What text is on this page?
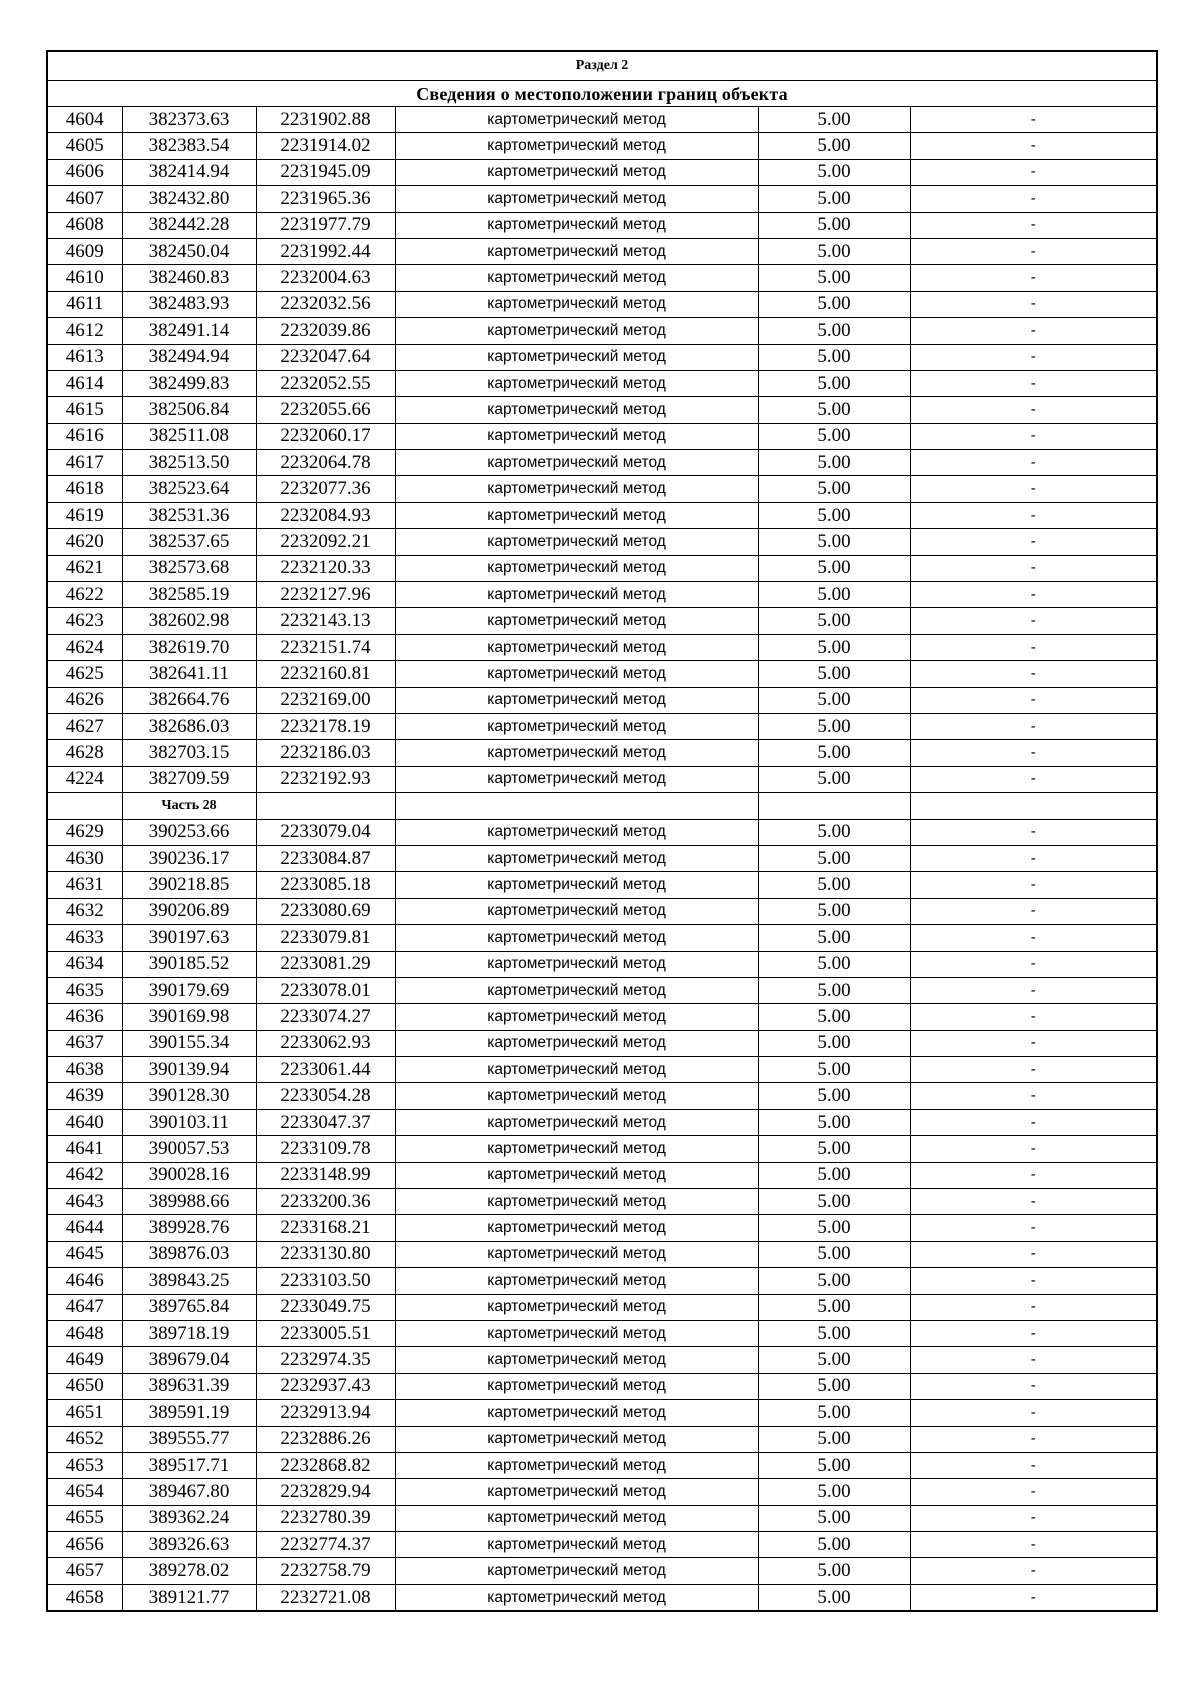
Раздел 2					
Сведения о местоположении границ объекта					
4604	382373.63	2231902.88	картометрический метод	5.00	-
4605	382383.54	2231914.02	картометрический метод	5.00	-
4606	382414.94	2231945.09	картометрический метод	5.00	-
4607	382432.80	2231965.36	картометрический метод	5.00	-
4608	382442.28	2231977.79	картометрический метод	5.00	-
4609	382450.04	2231992.44	картометрический метод	5.00	-
4610	382460.83	2232004.63	картометрический метод	5.00	-
4611	382483.93	2232032.56	картометрический метод	5.00	-
4612	382491.14	2232039.86	картометрический метод	5.00	-
4613	382494.94	2232047.64	картометрический метод	5.00	-
4614	382499.83	2232052.55	картометрический метод	5.00	-
4615	382506.84	2232055.66	картометрический метод	5.00	-
4616	382511.08	2232060.17	картометрический метод	5.00	-
4617	382513.50	2232064.78	картометрический метод	5.00	-
4618	382523.64	2232077.36	картометрический метод	5.00	-
4619	382531.36	2232084.93	картометрический метод	5.00	-
4620	382537.65	2232092.21	картометрический метод	5.00	-
4621	382573.68	2232120.33	картометрический метод	5.00	-
4622	382585.19	2232127.96	картометрический метод	5.00	-
4623	382602.98	2232143.13	картометрический метод	5.00	-
4624	382619.70	2232151.74	картометрический метод	5.00	-
4625	382641.11	2232160.81	картометрический метод	5.00	-
4626	382664.76	2232169.00	картометрический метод	5.00	-
4627	382686.03	2232178.19	картометрический метод	5.00	-
4628	382703.15	2232186.03	картометрический метод	5.00	-
4224	382709.59	2232192.93	картометрический метод	5.00	-
	Часть 28				
4629	390253.66	2233079.04	картометрический метод	5.00	-
4630	390236.17	2233084.87	картометрический метод	5.00	-
4631	390218.85	2233085.18	картометрический метод	5.00	-
4632	390206.89	2233080.69	картометрический метод	5.00	-
4633	390197.63	2233079.81	картометрический метод	5.00	-
4634	390185.52	2233081.29	картометрический метод	5.00	-
4635	390179.69	2233078.01	картометрический метод	5.00	-
4636	390169.98	2233074.27	картометрический метод	5.00	-
4637	390155.34	2233062.93	картометрический метод	5.00	-
4638	390139.94	2233061.44	картометрический метод	5.00	-
4639	390128.30	2233054.28	картометрический метод	5.00	-
4640	390103.11	2233047.37	картометрический метод	5.00	-
4641	390057.53	2233109.78	картометрический метод	5.00	-
4642	390028.16	2233148.99	картометрический метод	5.00	-
4643	389988.66	2233200.36	картометрический метод	5.00	-
4644	389928.76	2233168.21	картометрический метод	5.00	-
4645	389876.03	2233130.80	картометрический метод	5.00	-
4646	389843.25	2233103.50	картометрический метод	5.00	-
4647	389765.84	2233049.75	картометрический метод	5.00	-
4648	389718.19	2233005.51	картометрический метод	5.00	-
4649	389679.04	2232974.35	картометрический метод	5.00	-
4650	389631.39	2232937.43	картометрический метод	5.00	-
4651	389591.19	2232913.94	картометрический метод	5.00	-
4652	389555.77	2232886.26	картометрический метод	5.00	-
4653	389517.71	2232868.82	картометрический метод	5.00	-
4654	389467.80	2232829.94	картометрический метод	5.00	-
4655	389362.24	2232780.39	картометрический метод	5.00	-
4656	389326.63	2232774.37	картометрический метод	5.00	-
4657	389278.02	2232758.79	картометрический метод	5.00	-
4658	389121.77	2232721.08	картометрический метод	5.00	-
